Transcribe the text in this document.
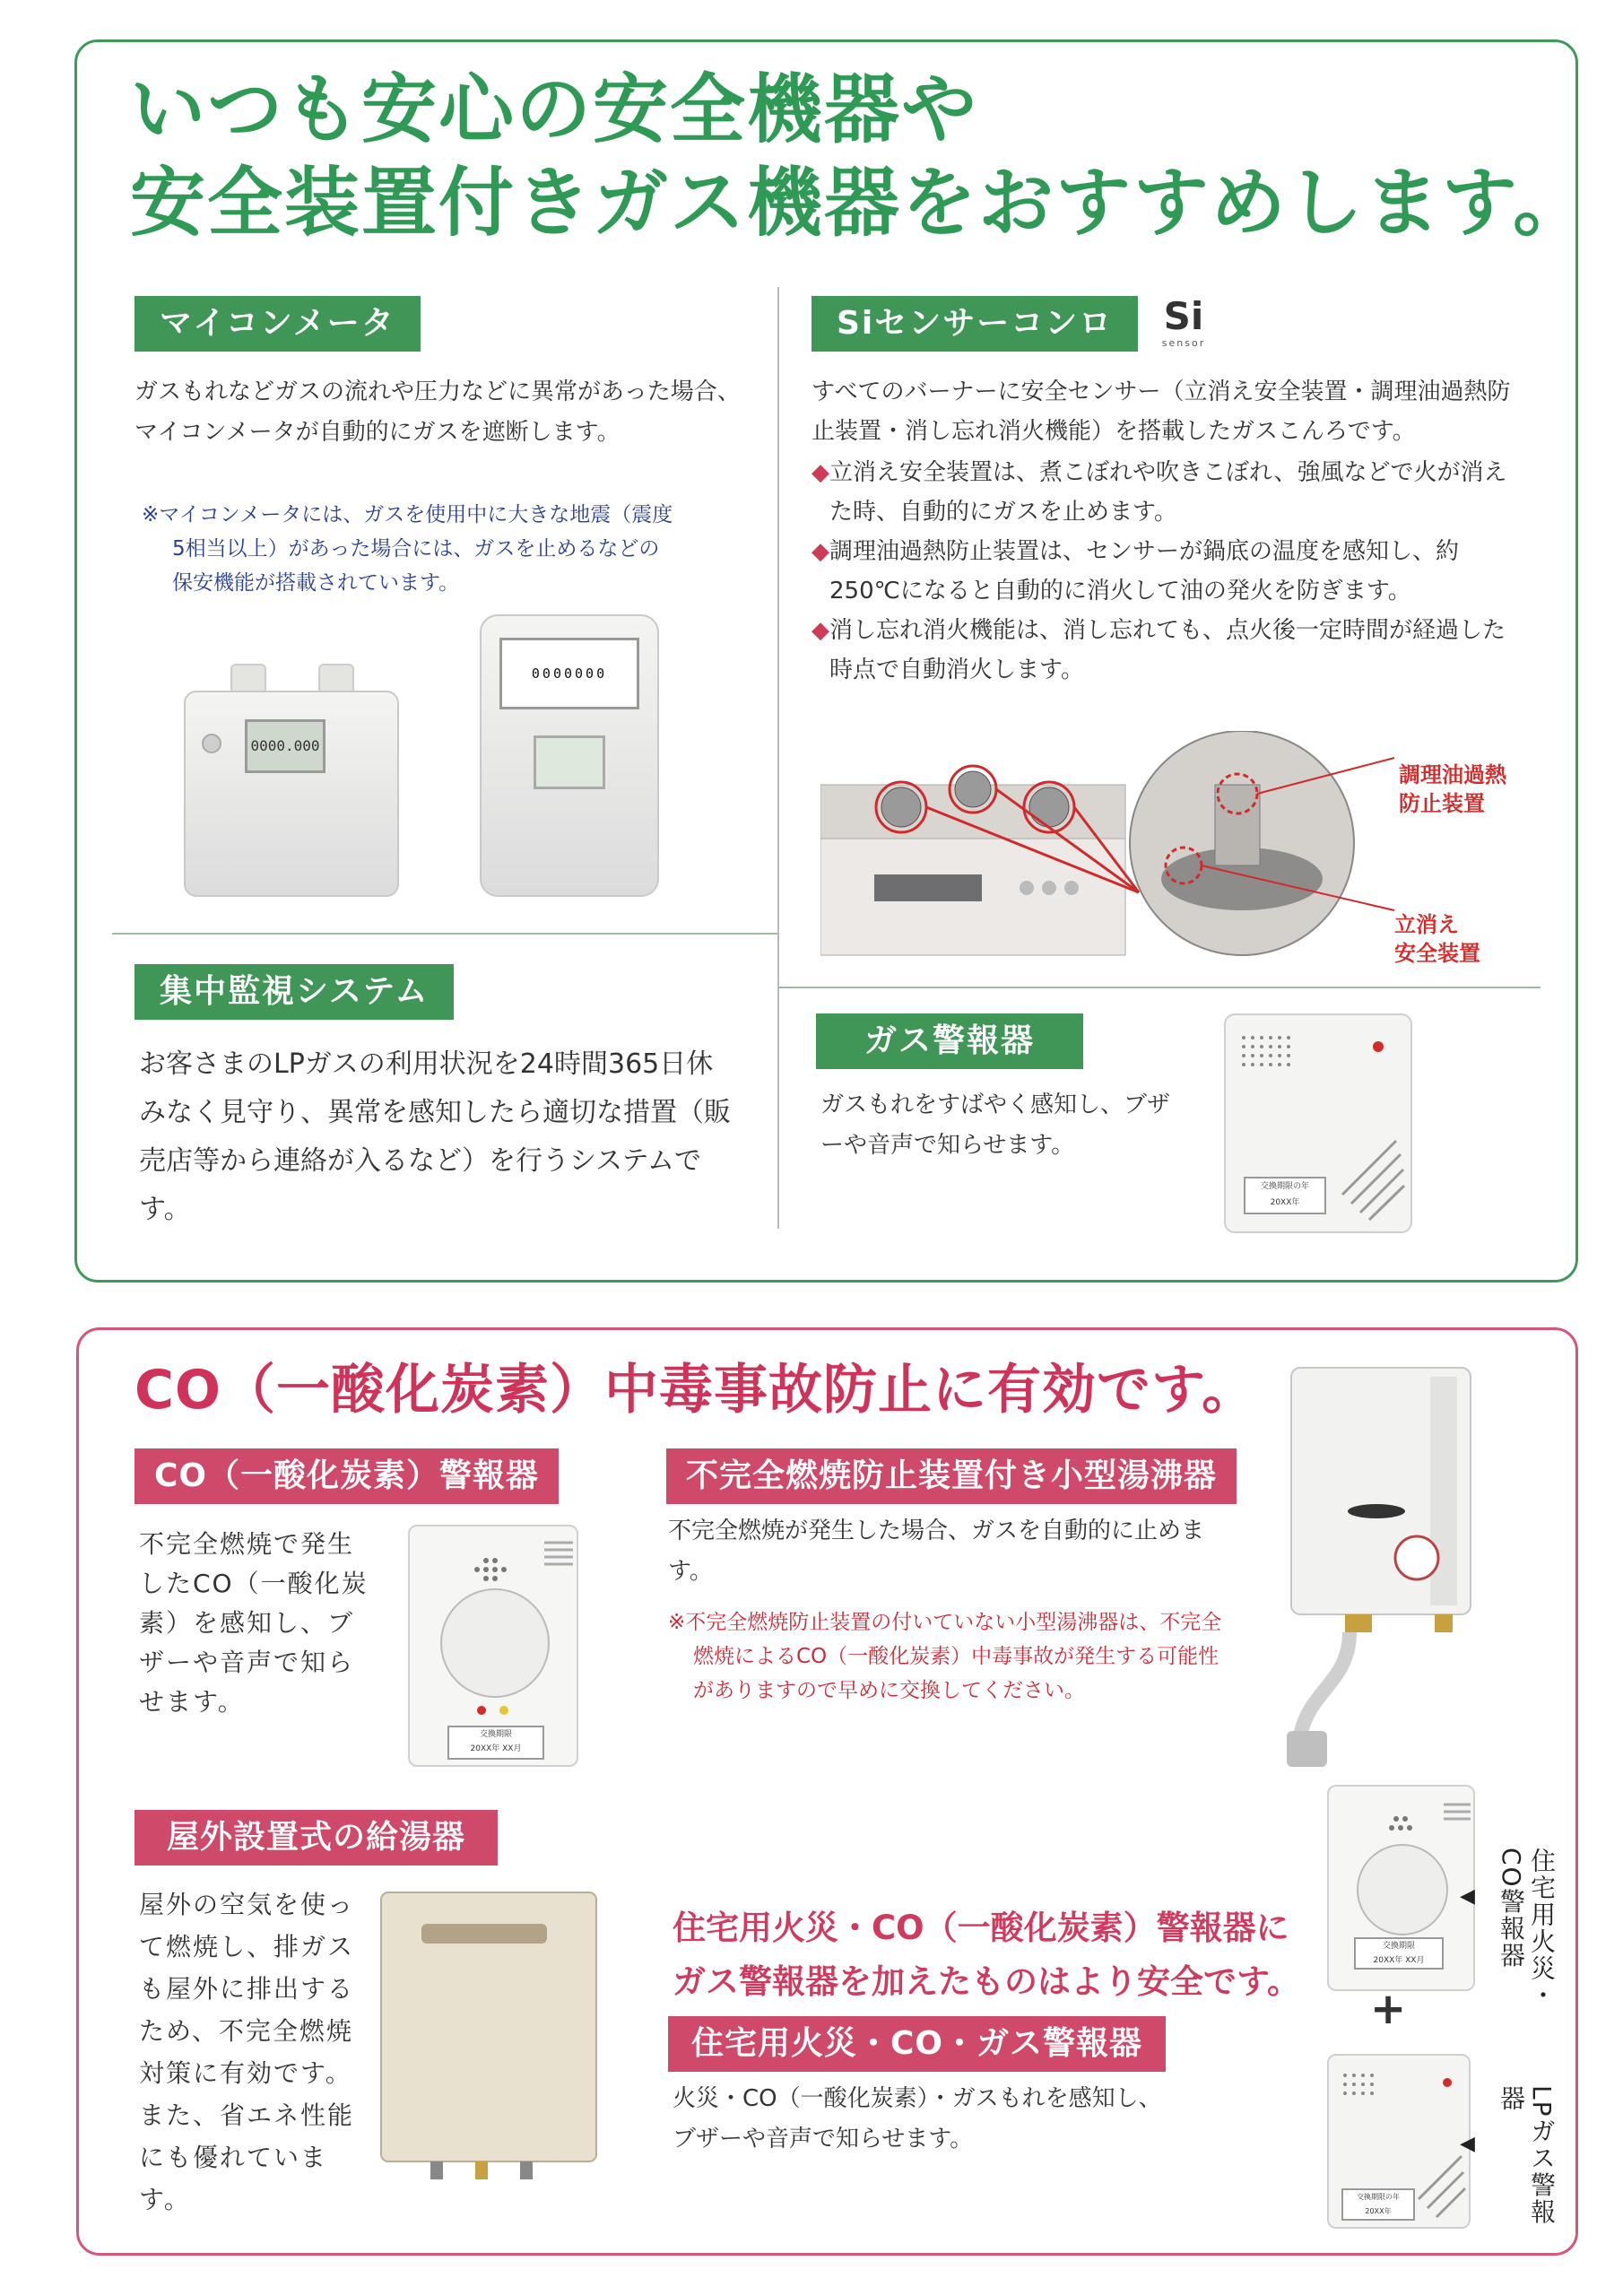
いつも安心の安全機器や
安全装置付きガス機器をおすすめします。
マイコンメータ
ガスもれなどガスの流れや圧力などに異常があった場合、マイコンメータが自動的にガスを遮断します。
※マイコンメータには、ガスを使用中に大きな地震（震度
5相当以上）があった場合には、ガスを止めるなどの
保安機能が搭載されています。
0000.000
0000000
Siセンサーコンロ	Si
sensor
すべてのバーナーに安全センサー（立消え安全装置・調理油過熱防止装置・消し忘れ消火機能）を搭載したガスこんろです。
◆ 立消え安全装置は、煮こぼれや吹きこぼれ、強風などで火が消えた時、自動的にガスを止めます。
◆ 調理油過熱防止装置は、センサーが鍋底の温度を感知し、約250℃になると自動的に消火して油の発火を防ぎます。
◆ 消し忘れ消火機能は、消し忘れても、点火後一定時間が経過した時点で自動消火します。
調理油過熱
防止装置
立消え
安全装置
集中監視システム
お客さまのLPガスの利用状況を24時間365日休みなく見守り、異常を感知したら適切な措置（販売店等から連絡が入るなど）を行うシステムです。
ガス警報器
ガスもれをすばやく感知し、ブザーや音声で知らせます。
交換期限の年
20XX年
CO（一酸化炭素）中毒事故防止に有効です。
CO（一酸化炭素）警報器
不完全燃焼で発生したCO（一酸化炭素）を感知し、ブザーや音声で知らせます。
交換期限
20XX年 XX月
不完全燃焼防止装置付き小型湯沸器
不完全燃焼が発生した場合、ガスを自動的に止めます。
※不完全燃焼防止装置の付いていない小型湯沸器は、不完全燃焼によるCO（一酸化炭素）中毒事故が発生する可能性がありますので早めに交換してください。
屋外設置式の給湯器
屋外の空気を使って燃焼し、排ガスも屋外に排出するため、不完全燃焼対策に有効です。また、省エネ性能にも優れています。
住宅用火災・CO（一酸化炭素）警報器に
ガス警報器を加えたものはより安全です。
住宅用火災・CO・ガス警報器
火災・CO（一酸化炭素）・ガスもれを感知し、ブザーや音声で知らせます。
交換期限
20XX年 XX月
◀	住宅用火災・CO警報器
+
交換期限の年
20XX年
◀	LPガス警報器
